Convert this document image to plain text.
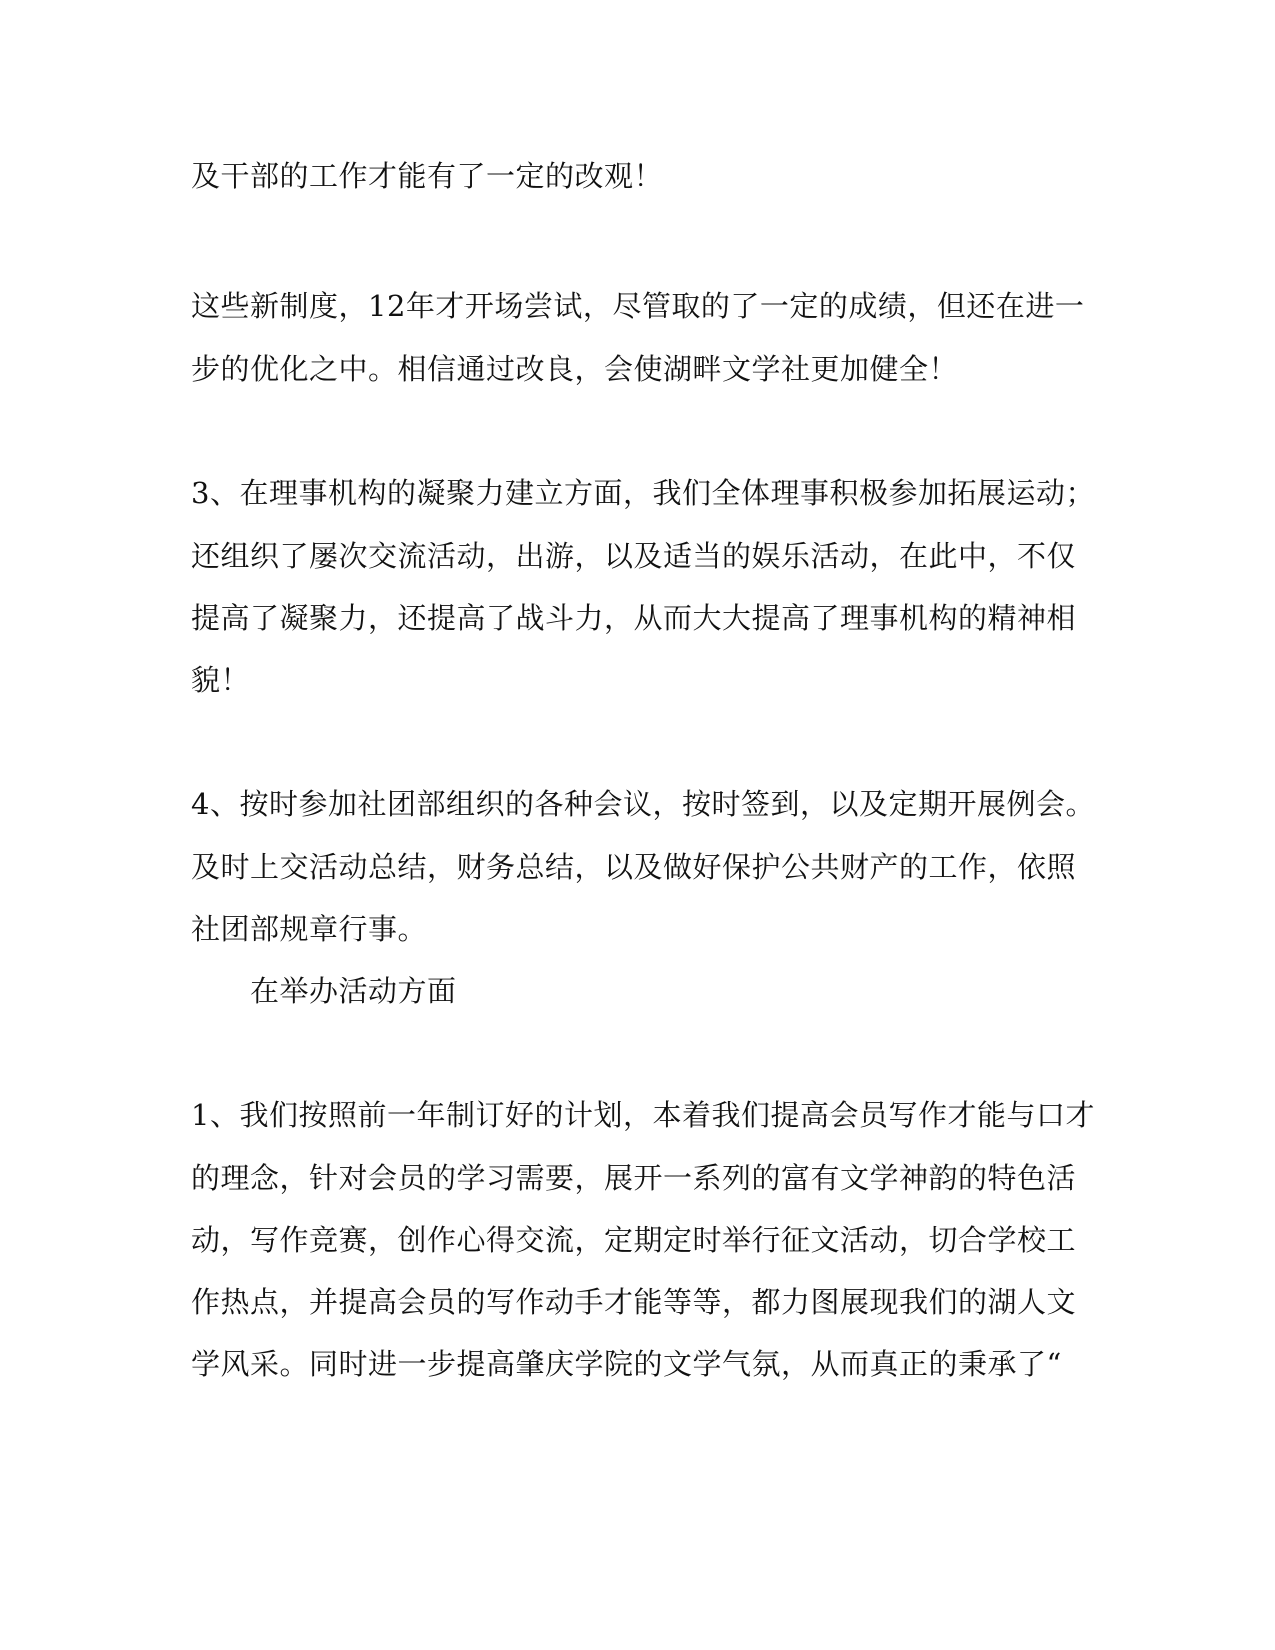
及干部的工作才能有了一定的改观！
这些新制度，12年才开场尝试，尽管取的了一定的成绩，但还在进一
步的优化之中。相信通过改良，会使湖畔文学社更加健全！
3、在理事机构的凝聚力建立方面，我们全体理事积极参加拓展运动；
还组织了屡次交流活动，出游，以及适当的娱乐活动，在此中，不仅
提高了凝聚力，还提高了战斗力，从而大大提高了理事机构的精神相
貌！
4、按时参加社团部组织的各种会议，按时签到，以及定期开展例会。
及时上交活动总结，财务总结，以及做好保护公共财产的工作，依照
社团部规章行事。
在举办活动方面
1、我们按照前一年制订好的计划，本着我们提高会员写作才能与口才
的理念，针对会员的学习需要，展开一系列的富有文学神韵的特色活
动，写作竞赛，创作心得交流，定期定时举行征文活动，切合学校工
作热点，并提高会员的写作动手才能等等，都力图展现我们的湖人文
学风采。同时进一步提高肇庆学院的文学气氛，从而真正的秉承了“
